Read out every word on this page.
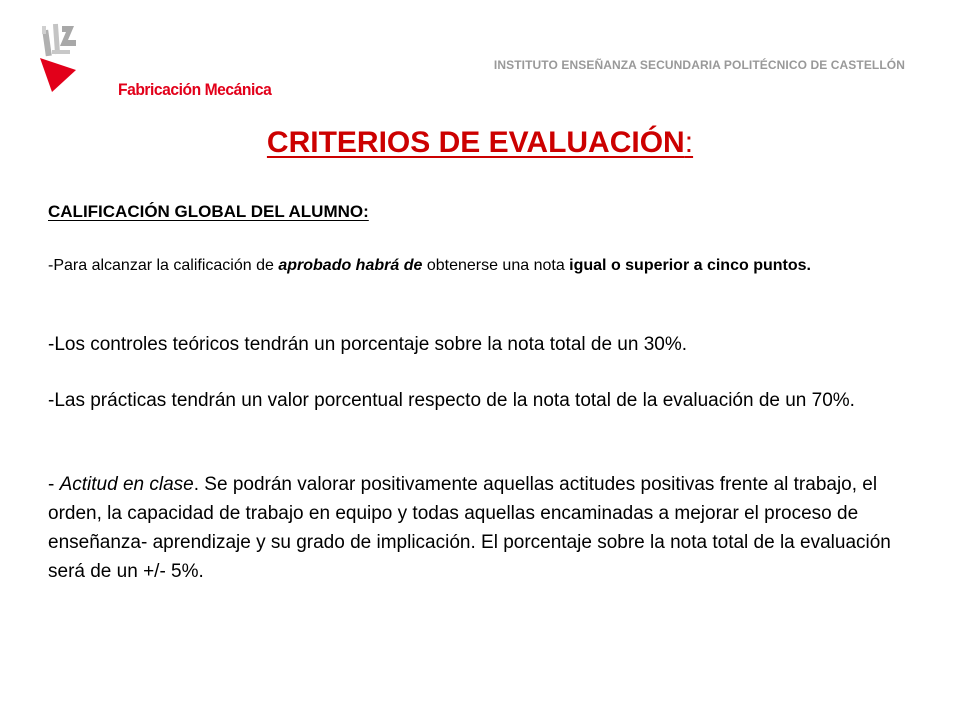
Fabricación Mecánica
INSTITUTO ENSEÑANZA SECUNDARIA POLITÉCNICO DE CASTELLÓN
CRITERIOS DE EVALUACIÓN:
CALIFICACIÓN GLOBAL DEL ALUMNO:
-Para alcanzar la calificación de aprobado habrá de obtenerse una nota igual o superior a cinco puntos.
-Los controles teóricos tendrán un porcentaje sobre la nota total de un 30%.
-Las prácticas tendrán un valor porcentual respecto de la nota total de la evaluación de un 70%.
- Actitud en clase. Se podrán valorar positivamente aquellas actitudes positivas frente al trabajo, el orden, la capacidad de trabajo en equipo y todas aquellas encaminadas a mejorar el proceso de enseñanza- aprendizaje y su grado de implicación. El porcentaje sobre la nota total de la evaluación será de un +/- 5%.
